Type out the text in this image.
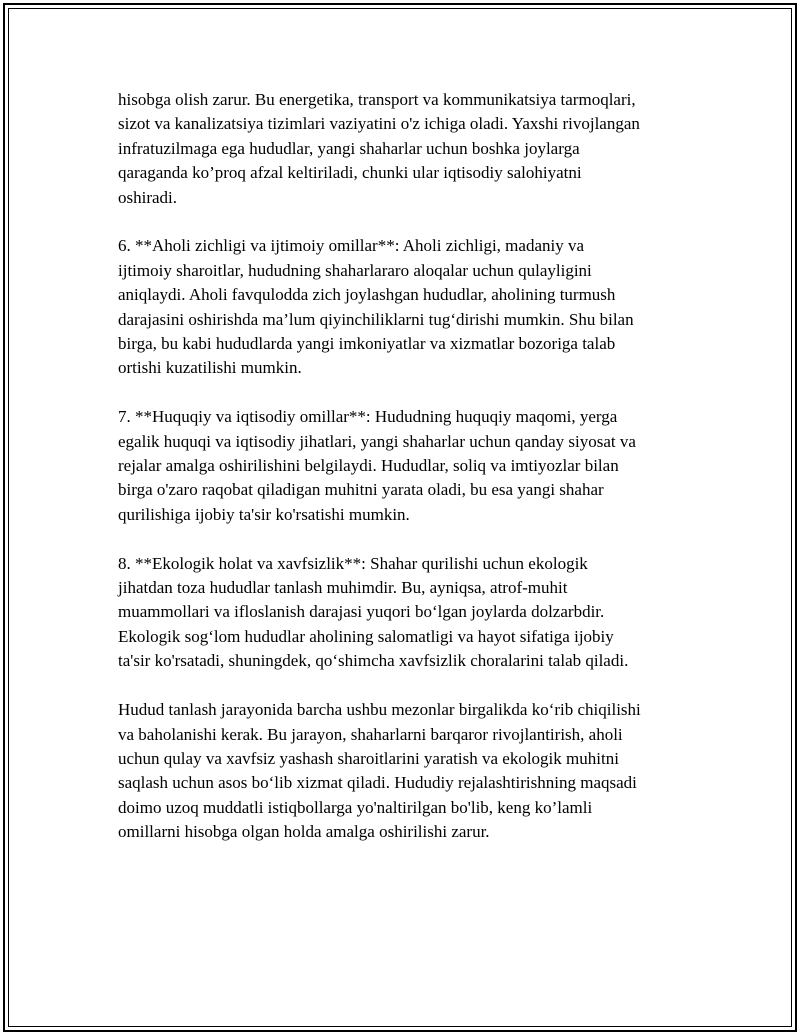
hisobga olish zarur. Bu energetika, transport va kommunikatsiya tarmoqlari,
sizot va kanalizatsiya tizimlari vaziyatini o'z ichiga oladi. Yaxshi rivojlangan
infratuzilmaga ega hududlar, yangi shaharlar uchun boshka joylarga
qaraganda ko’proq afzal keltiriladi, chunki ular iqtisodiy salohiyatni
oshiradi.

6. **Aholi zichligi va ijtimoiy omillar**: Aholi zichligi, madaniy va
ijtimoiy sharoitlar, hududning shaharlararo aloqalar uchun qulayligini
aniqlaydi. Aholi favqulodda zich joylashgan hududlar, aholining turmush
darajasini oshirishda ma’lum qiyinchiliklarni tug‘dirishi mumkin. Shu bilan
birga, bu kabi hududlarda yangi imkoniyatlar va xizmatlar bozoriga talab
ortishi kuzatilishi mumkin.

7. **Huquqiy va iqtisodiy omillar**: Hududning huquqiy maqomi, yerga
egalik huquqi va iqtisodiy jihatlari, yangi shaharlar uchun qanday siyosat va
rejalar amalga oshirilishini belgilaydi. Hududlar, soliq va imtiyozlar bilan
birga o'zaro raqobat qiladigan muhitni yarata oladi, bu esa yangi shahar
qurilishiga ijobiy ta'sir ko'rsatishi mumkin.

8. **Ekologik holat va xavfsizlik**: Shahar qurilishi uchun ekologik
jihatdan toza hududlar tanlash muhimdir. Bu, ayniqsa, atrof-muhit
muammollari va ifloslanish darajasi yuqori bo‘lgan joylarda dolzarbdir.
Ekologik sog‘lom hududlar aholining salomatligi va hayot sifatiga ijobiy
ta'sir ko'rsatadi, shuningdek, qo‘shimcha xavfsizlik choralarini talab qiladi.

Hudud tanlash jarayonida barcha ushbu mezonlar birgalikda ko‘rib chiqilishi
va baholanishi kerak. Bu jarayon, shaharlarni barqaror rivojlantirish, aholi
uchun qulay va xavfsiz yashash sharoitlarini yaratish va ekologik muhitni
saqlash uchun asos bo‘lib xizmat qiladi. Hududiy rejalashtirishning maqsadi
doimo uzoq muddatli istiqbollarga yo'naltirilgan bo'lib, keng ko’lamli
omillarni hisobga olgan holda amalga oshirilishi zarur.
